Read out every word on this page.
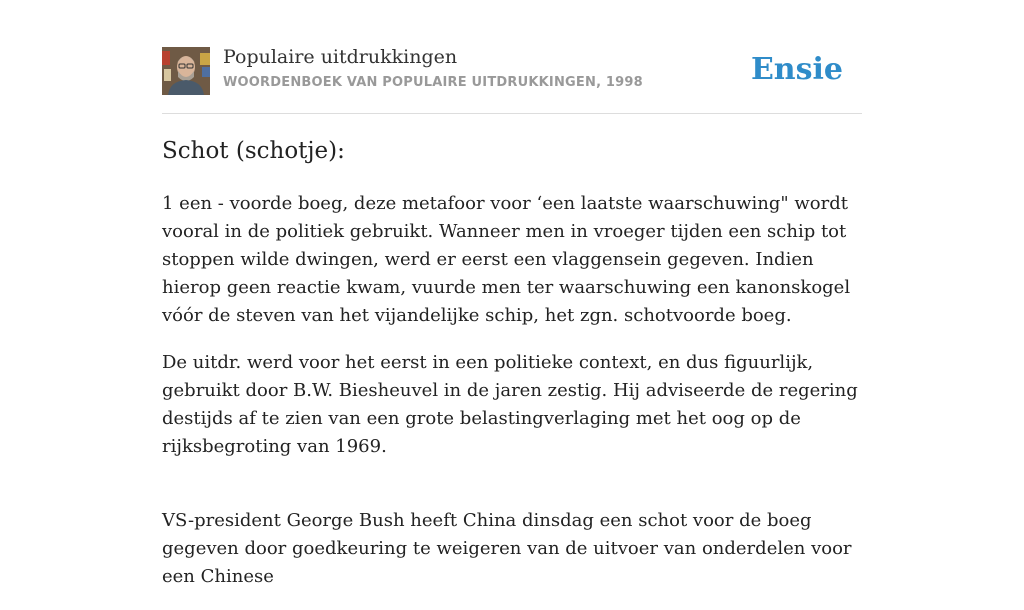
Populaire uitdrukkingen
WOORDENBOEK VAN POPULAIRE UITDRUKKINGEN, 1998	Ensie
Schot (schotje):

1 een - voorde boeg, deze metafoor voor ‘een laatste waarschuwing" wordt vooral in de politiek gebruikt. Wanneer men in vroeger tijden een schip tot stoppen wilde dwingen, werd er eerst een vlaggensein gegeven. Indien hierop geen reactie kwam, vuurde men ter waarschuwing een kanonskogel vóór de steven van het vijandelijke schip, het zgn. schotvoorde boeg.

De uitdr. werd voor het eerst in een politieke context, en dus figuurlijk, gebruikt door B.W. Biesheuvel in de jaren zestig. Hij adviseerde de regering destijds af te zien van een grote belastingverlaging met het oog op de rijksbegroting van 1969.

VS-president George Bush heeft China dinsdag een schot voor de boeg gegeven door goedkeuring te weigeren van de uitvoer van onderdelen voor een Chinese
